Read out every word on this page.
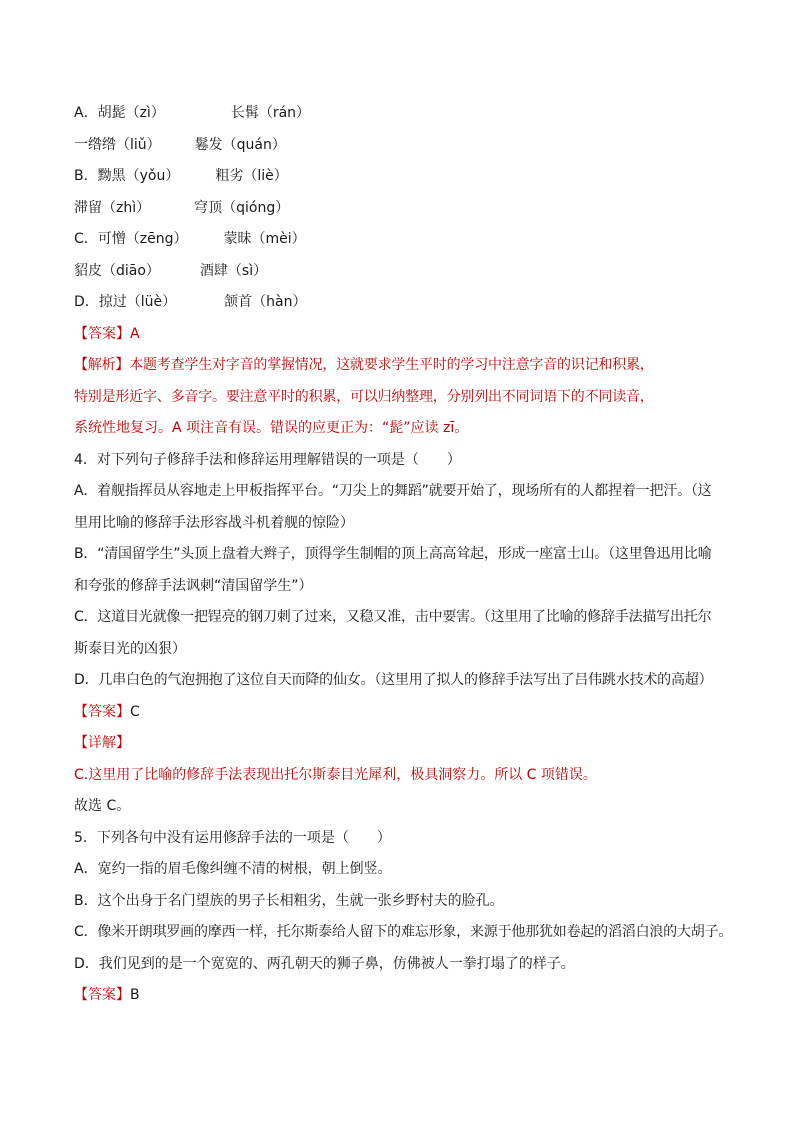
A．胡髭（zì）	长髯（rán）
一绺绺（liǔ） 鬈发（quán）
B．黝黑（yǒu）	粗劣（liè）
滞留（zhì）	穹顶（qióng）
C．可憎（zēng）	蒙昧（mèi）
貂皮（diāo）	酒肆（sì）
D．掠过（lüè）	颔首（hàn）
【答案】A
【解析】本题考查学生对字音的掌握情况，这就要求学生平时的学习中注意字音的识记和积累，
特别是形近字、多音字。要注意平时的积累，可以归纳整理，分别列出不同词语下的不同读音，
系统性地复习。A 项注音有误。错误的应更正为：“髭”应读 zī。
4．对下列句子修辞手法和修辞运用理解错误的一项是（　　）
A．着舰指挥员从容地走上甲板指挥平台。“刀尖上的舞蹈”就要开始了，现场所有的人都捏着一把汗。（这
里用比喻的修辞手法形容战斗机着舰的惊险）
B．“清国留学生”头顶上盘着大辫子，顶得学生制帽的顶上高高耸起，形成一座富士山。（这里鲁迅用比喻
和夸张的修辞手法讽刺“清国留学生”）
C．这道目光就像一把锃亮的钢刀刺了过来，又稳又准，击中要害。（这里用了比喻的修辞手法描写出托尔
斯泰目光的凶狠）
D．几串白色的气泡拥抱了这位自天而降的仙女。（这里用了拟人的修辞手法写出了吕伟跳水技术的高超）
【答案】C
【详解】
C.这里用了比喻的修辞手法表现出托尔斯泰目光犀利，极具洞察力。所以 C 项错误。
故选 C。
5．下列各句中没有运用修辞手法的一项是（　　）
A．宽约一指的眉毛像纠缠不清的树根，朝上倒竖。
B．这个出身于名门望族的男子长相粗劣，生就一张乡野村夫的脸孔。
C．像米开朗琪罗画的摩西一样，托尔斯泰给人留下的难忘形象，来源于他那犹如卷起的滔滔白浪的大胡子。
D．我们见到的是一个宽宽的、两孔朝天的狮子鼻，仿佛被人一拳打塌了的样子。
【答案】B
